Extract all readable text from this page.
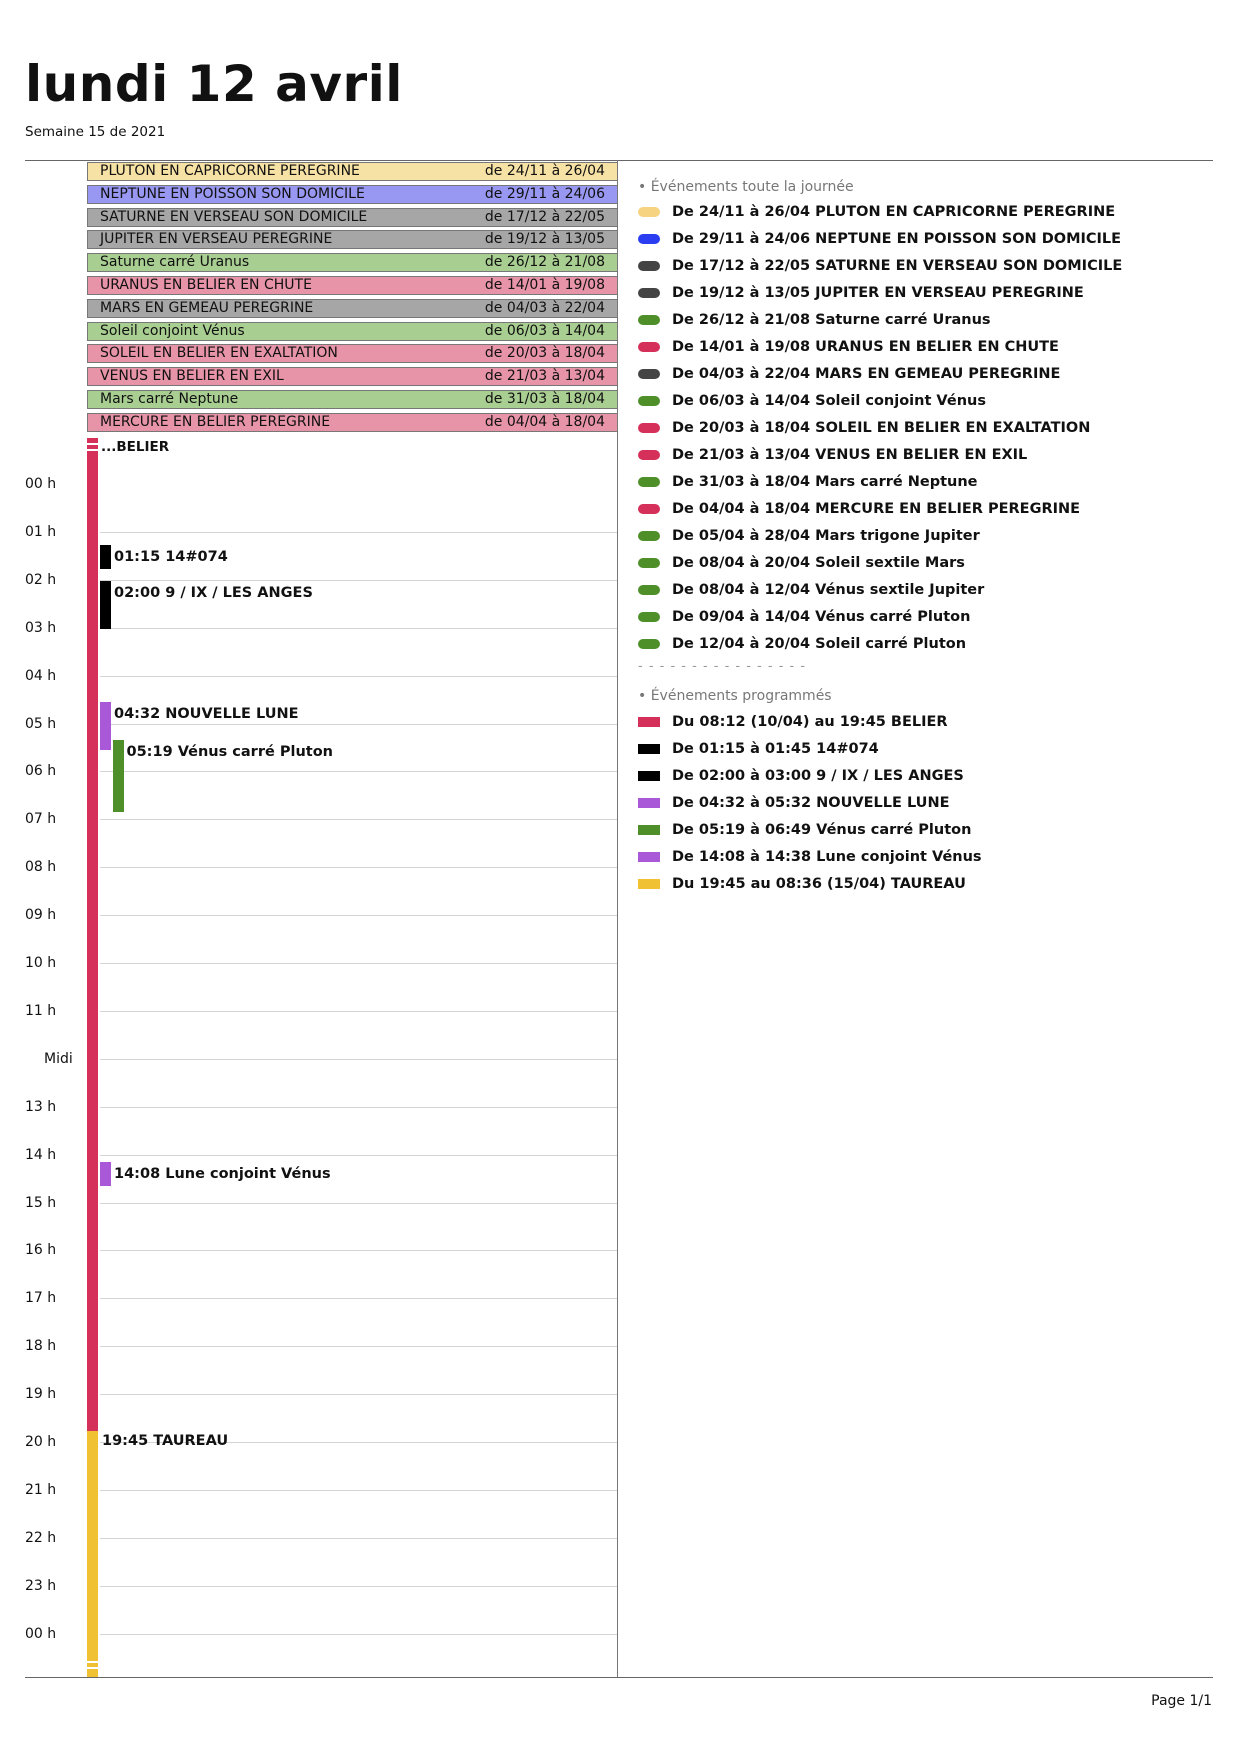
lundi 12 avril
Semaine 15 de 2021
PLUTON EN CAPRICORNE PEREGRINE	de 24/11 à 26/04
NEPTUNE EN POISSON SON DOMICILE	de 29/11 à 24/06
SATURNE EN VERSEAU SON DOMICILE	de 17/12 à 22/05
JUPITER EN VERSEAU PEREGRINE	de 19/12 à 13/05
Saturne carré Uranus	de 26/12 à 21/08
URANUS EN BELIER EN CHUTE	de 14/01 à 19/08
MARS EN GEMEAU PEREGRINE	de 04/03 à 22/04
Soleil conjoint Vénus	de 06/03 à 14/04
SOLEIL EN BELIER EN EXALTATION	de 20/03 à 18/04
VENUS EN BELIER EN EXIL	de 21/03 à 13/04
Mars carré Neptune	de 31/03 à 18/04
MERCURE EN BELIER PEREGRINE	de 04/04 à 18/04
...BELIER
00 h
01 h
02 h
03 h
04 h
05 h
06 h
07 h
08 h
09 h
10 h
11 h
Midi
13 h
14 h
15 h
16 h
17 h
18 h
19 h
20 h
21 h
22 h
23 h
00 h
01:15 14#074
02:00 9 / IX / LES ANGES
04:32 NOUVELLE LUNE
05:19 Vénus carré Pluton
14:08 Lune conjoint Vénus
19:45 TAUREAU
• Événements toute la journée
De 24/11 à 26/04 PLUTON EN CAPRICORNE PEREGRINE
De 29/11 à 24/06 NEPTUNE EN POISSON SON DOMICILE
De 17/12 à 22/05 SATURNE EN VERSEAU SON DOMICILE
De 19/12 à 13/05 JUPITER EN VERSEAU PEREGRINE
De 26/12 à 21/08 Saturne carré Uranus
De 14/01 à 19/08 URANUS EN BELIER EN CHUTE
De 04/03 à 22/04 MARS EN GEMEAU PEREGRINE
De 06/03 à 14/04 Soleil conjoint Vénus
De 20/03 à 18/04 SOLEIL EN BELIER EN EXALTATION
De 21/03 à 13/04 VENUS EN BELIER EN EXIL
De 31/03 à 18/04 Mars carré Neptune
De 04/04 à 18/04 MERCURE EN BELIER PEREGRINE
De 05/04 à 28/04 Mars trigone Jupiter
De 08/04 à 20/04 Soleil sextile Mars
De 08/04 à 12/04 Vénus sextile Jupiter
De 09/04 à 14/04 Vénus carré Pluton
De 12/04 à 20/04 Soleil carré Pluton
- - - - - - - - - - - - - - - -
• Événements programmés
Du 08:12 (10/04) au 19:45 BELIER
De 01:15 à 01:45 14#074
De 02:00 à 03:00 9 / IX / LES ANGES
De 04:32 à 05:32 NOUVELLE LUNE
De 05:19 à 06:49 Vénus carré Pluton
De 14:08 à 14:38 Lune conjoint Vénus
Du 19:45 au 08:36 (15/04) TAUREAU
Page 1/1
